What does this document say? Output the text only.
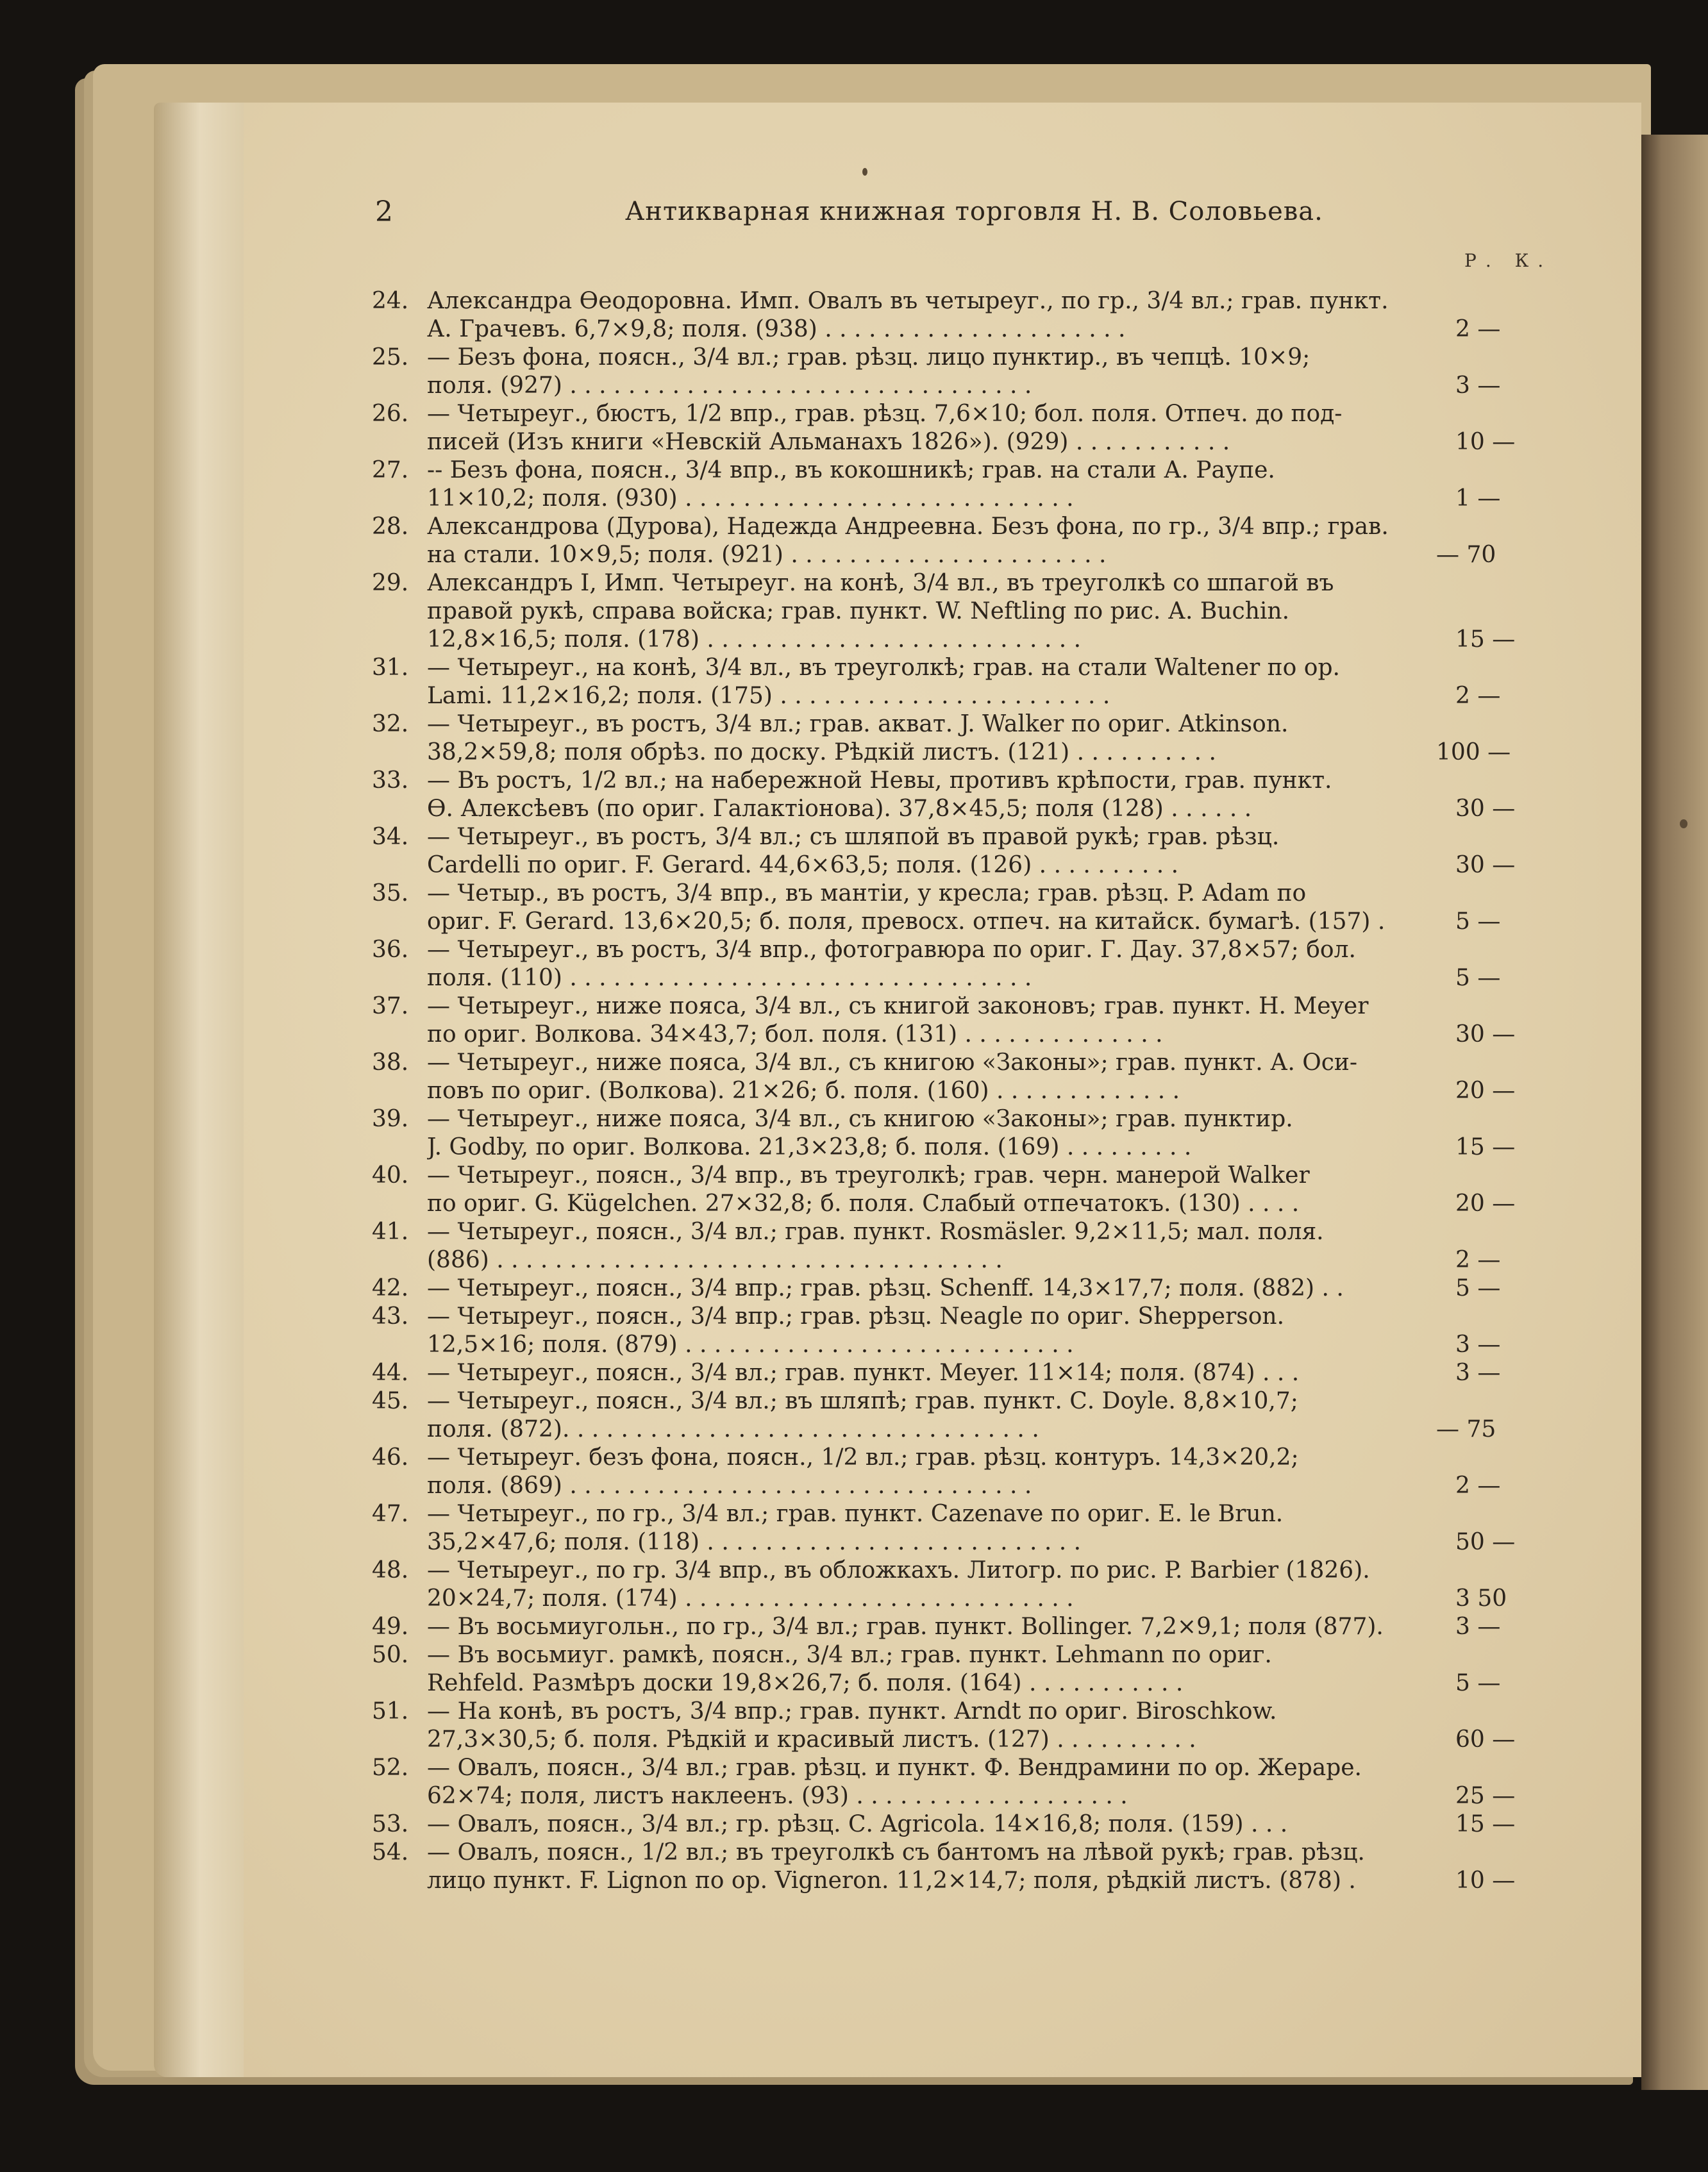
2	Антикварная книжная торговля Н. В. Соловьева.
Р. К.
24. Александра Өеодоровна. Имп. Овалъ въ четыреуг., по гр., 3/4 вл.; грав. пункт.
А. Грачевъ. 6,7×9,8; поля. (938) . . . . . . . . . . . . . . . . . . . . .	2 —
25. — Безъ фона, поясн., 3/4 вл.; грав. рѣзц. лицо пунктир., въ чепцѣ. 10×9;
поля. (927) . . . . . . . . . . . . . . . . . . . . . . . . . . . . . . . .	3 —
26. — Четыреуг., бюстъ, 1/2 впр., грав. рѣзц. 7,6×10; бол. поля. Отпеч. до под-
писей (Изъ книги «Невскій Альманахъ 1826»). (929) . . . . . . . . . . .	10 —
27. -- Безъ фона, поясн., 3/4 впр., въ кокошникѣ; грав. на стали А. Раупе.
11×10,2; поля. (930) . . . . . . . . . . . . . . . . . . . . . . . . . . .	1 —
28. Александрова (Дурова), Надежда Андреевна. Безъ фона, по гр., 3/4 впр.; грав.
на стали. 10×9,5; поля. (921) . . . . . . . . . . . . . . . . . . . . . .	— 70
29. Александръ I, Имп. Четыреуг. на конѣ, 3/4 вл., въ треуголкѣ со шпагой въ
правой рукѣ, справа войска; грав. пункт. W. Neftling по рис. А. Buchin.
12,8×16,5; поля. (178) . . . . . . . . . . . . . . . . . . . . . . . . . .	15 —
31. — Четыреуг., на конѣ, 3/4 вл., въ треуголкѣ; грав. на стали Waltener по ор.
Lami. 11,2×16,2; поля. (175) . . . . . . . . . . . . . . . . . . . . . . .	2 —
32. — Четыреуг., въ ростъ, 3/4 вл.; грав. акват. J. Walker по ориг. Atkinson.
38,2×59,8; поля обрѣз. по доску. Рѣдкій листъ. (121) . . . . . . . . . .	100 —
33. — Въ ростъ, 1/2 вл.; на набережной Невы, противъ крѣпости, грав. пункт.
Ө. Алексѣевъ (по ориг. Галактіонова). 37,8×45,5; поля (128) . . . . . .	30 —
34. — Четыреуг., въ ростъ, 3/4 вл.; съ шляпой въ правой рукѣ; грав. рѣзц.
Cardelli по ориг. F. Gerard. 44,6×63,5; поля. (126) . . . . . . . . . .	30 —
35. — Четыр., въ ростъ, 3/4 впр., въ мантіи, у кресла; грав. рѣзц. P. Adam по
ориг. F. Gerard. 13,6×20,5; б. поля, превосх. отпеч. на китайск. бумагѣ. (157) .	5 —
36. — Четыреуг., въ ростъ, 3/4 впр., фотогравюра по ориг. Г. Дау. 37,8×57; бол.
поля. (110) . . . . . . . . . . . . . . . . . . . . . . . . . . . . . . . .	5 —
37. — Четыреуг., ниже пояса, 3/4 вл., съ книгой законовъ; грав. пункт. H. Meyer
по ориг. Волкова. 34×43,7; бол. поля. (131) . . . . . . . . . . . . . .	30 —
38. — Четыреуг., ниже пояса, 3/4 вл., съ книгою «Законы»; грав. пункт. А. Оси-
повъ по ориг. (Волкова). 21×26; б. поля. (160) . . . . . . . . . . . . .	20 —
39. — Четыреуг., ниже пояса, 3/4 вл., съ книгою «Законы»; грав. пунктир.
J. Godby, по ориг. Волкова. 21,3×23,8; б. поля. (169) . . . . . . . . .	15 —
40. — Четыреуг., поясн., 3/4 впр., въ треуголкѣ; грав. черн. манерой Walker
по ориг. G. Kügelchen. 27×32,8; б. поля. Слабый отпечатокъ. (130) . . . .	20 —
41. — Четыреуг., поясн., 3/4 вл.; грав. пункт. Rosmäsler. 9,2×11,5; мал. поля.
(886) . . . . . . . . . . . . . . . . . . . . . . . . . . . . . . . . . . .	2 —
42. — Четыреуг., поясн., 3/4 впр.; грав. рѣзц. Schenff. 14,3×17,7; поля. (882) . .	5 —
43. — Четыреуг., поясн., 3/4 впр.; грав. рѣзц. Neagle по ориг. Shepperson.
12,5×16; поля. (879) . . . . . . . . . . . . . . . . . . . . . . . . . . .	3 —
44. — Четыреуг., поясн., 3/4 вл.; грав. пункт. Meyer. 11×14; поля. (874) . . .	3 —
45. — Четыреуг., поясн., 3/4 вл.; въ шляпѣ; грав. пункт. С. Doyle. 8,8×10,7;
поля. (872). . . . . . . . . . . . . . . . . . . . . . . . . . . . . . . . .	— 75
46. — Четыреуг. безъ фона, поясн., 1/2 вл.; грав. рѣзц. контуръ. 14,3×20,2;
поля. (869) . . . . . . . . . . . . . . . . . . . . . . . . . . . . . . . .	2 —
47. — Четыреуг., по гр., 3/4 вл.; грав. пункт. Cazenave по ориг. E. le Brun.
35,2×47,6; поля. (118) . . . . . . . . . . . . . . . . . . . . . . . . . .	50 —
48. — Четыреуг., по гр. 3/4 впр., въ обложкахъ. Литогр. по рис. P. Barbier (1826).
20×24,7; поля. (174) . . . . . . . . . . . . . . . . . . . . . . . . . . .	3 50
49. — Въ восьмиугольн., по гр., 3/4 вл.; грав. пункт. Bollinger. 7,2×9,1; поля (877).	3 —
50. — Въ восьмиуг. рамкѣ, поясн., 3/4 вл.; грав. пункт. Lehmann по ориг.
Rehfeld. Размѣръ доски 19,8×26,7; б. поля. (164) . . . . . . . . . . .	5 —
51. — На конѣ, въ ростъ, 3/4 впр.; грав. пункт. Arndt по ориг. Biroschkow.
27,3×30,5; б. поля. Рѣдкій и красивый листъ. (127) . . . . . . . . . .	60 —
52. — Овалъ, поясн., 3/4 вл.; грав. рѣзц. и пункт. Ф. Вендрамини по ор. Жераре.
62×74; поля, листъ наклеенъ. (93) . . . . . . . . . . . . . . . . . . .	25 —
53. — Овалъ, поясн., 3/4 вл.; гр. рѣзц. С. Agricola. 14×16,8; поля. (159) . . .	15 —
54. — Овалъ, поясн., 1/2 вл.; въ треуголкѣ съ бантомъ на лѣвой рукѣ; грав. рѣзц.
лицо пункт. F. Lignon по ор. Vigneron. 11,2×14,7; поля, рѣдкій листъ. (878) .	10 —
